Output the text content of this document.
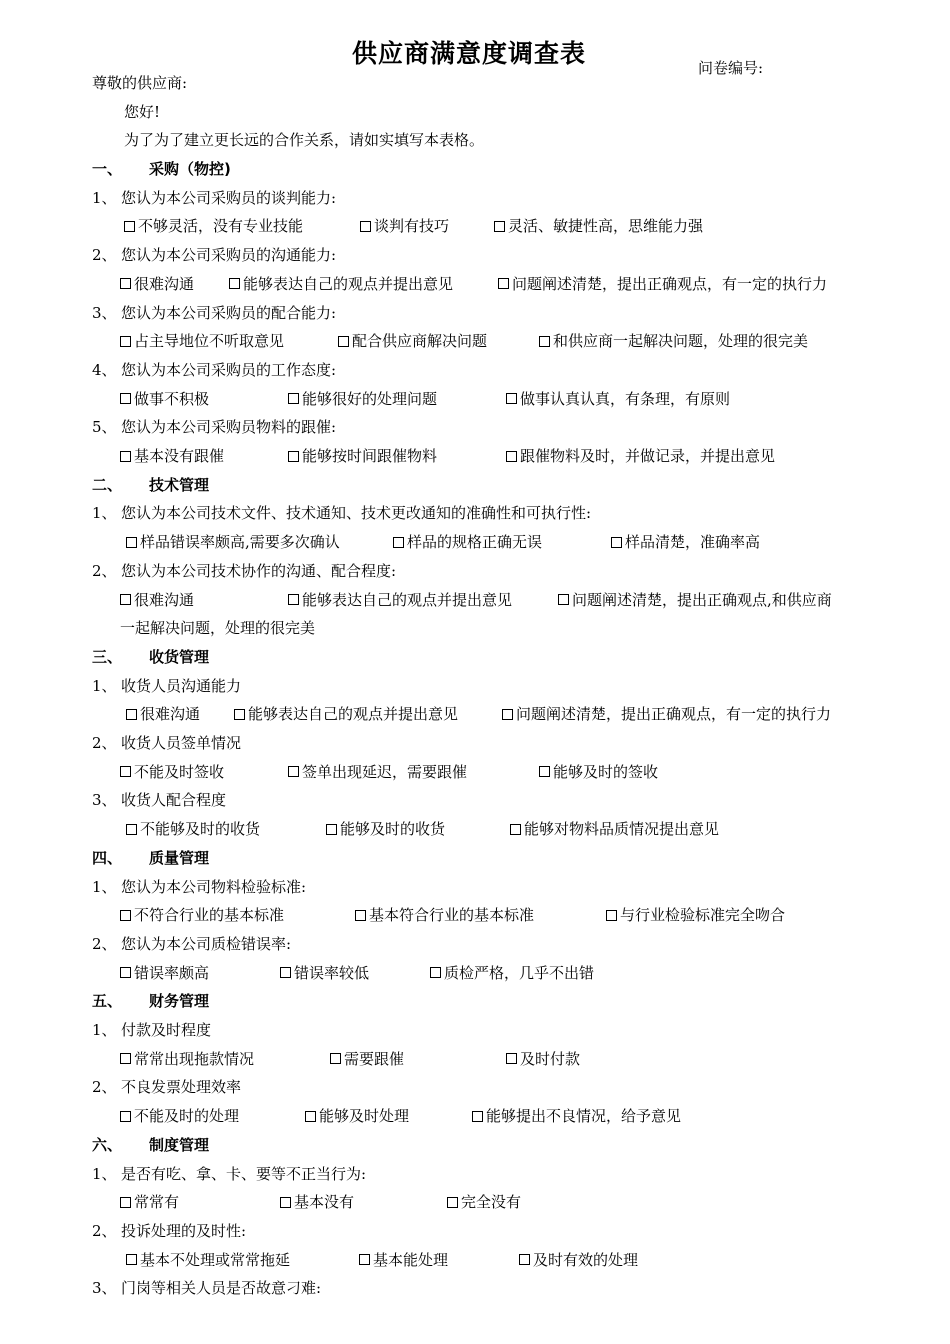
供应商满意度调查表	问卷编号:
尊敬的供应商:
您好!
为了为了建立更长远的合作关系，请如实填写本表格。
一、 采购（物控)
1、 您认为本公司采购员的谈判能力:
不够灵活，没有专业技能	谈判有技巧	灵活、敏捷性高，思维能力强
2、 您认为本公司采购员的沟通能力:
很难沟通	能够表达自己的观点并提出意见	问题阐述清楚，提出正确观点，有一定的执行力
3、 您认为本公司采购员的配合能力:
占主导地位不听取意见	配合供应商解决问题	和供应商一起解决问题，处理的很完美
4、 您认为本公司采购员的工作态度:
做事不积极	能够很好的处理问题	做事认真认真，有条理，有原则
5、 您认为本公司采购员物料的跟催:
基本没有跟催	能够按时间跟催物料	跟催物料及时，并做记录，并提出意见
二、 技术管理
1、 您认为本公司技术文件、技术通知、技术更改通知的准确性和可执行性:
样品错误率颇高,需要多次确认	样品的规格正确无误	样品清楚，准确率高
2、 您认为本公司技术协作的沟通、配合程度:
很难沟通	能够表达自己的观点并提出意见	问题阐述清楚，提出正确观点,和供应商
一起解决问题，处理的很完美
三、 收货管理
1、 收货人员沟通能力
很难沟通	能够表达自己的观点并提出意见	问题阐述清楚，提出正确观点，有一定的执行力
2、 收货人员签单情况
不能及时签收	签单出现延迟，需要跟催	能够及时的签收
3、 收货人配合程度
不能够及时的收货	能够及时的收货	能够对物料品质情况提出意见
四、 质量管理
1、 您认为本公司物料检验标准:
不符合行业的基本标准	基本符合行业的基本标准	与行业检验标准完全吻合
2、 您认为本公司质检错误率:
错误率颇高	错误率较低	质检严格，几乎不出错
五、 财务管理
1、 付款及时程度
常常出现拖款情况	需要跟催	及时付款
2、 不良发票处理效率
不能及时的处理	能够及时处理	能够提出不良情况，给予意见
六、 制度管理
1、 是否有吃、拿、卡、要等不正当行为:
常常有	基本没有	完全没有
2、 投诉处理的及时性:
基本不处理或常常拖延	基本能处理	及时有效的处理
3、 门岗等相关人员是否故意刁难:
